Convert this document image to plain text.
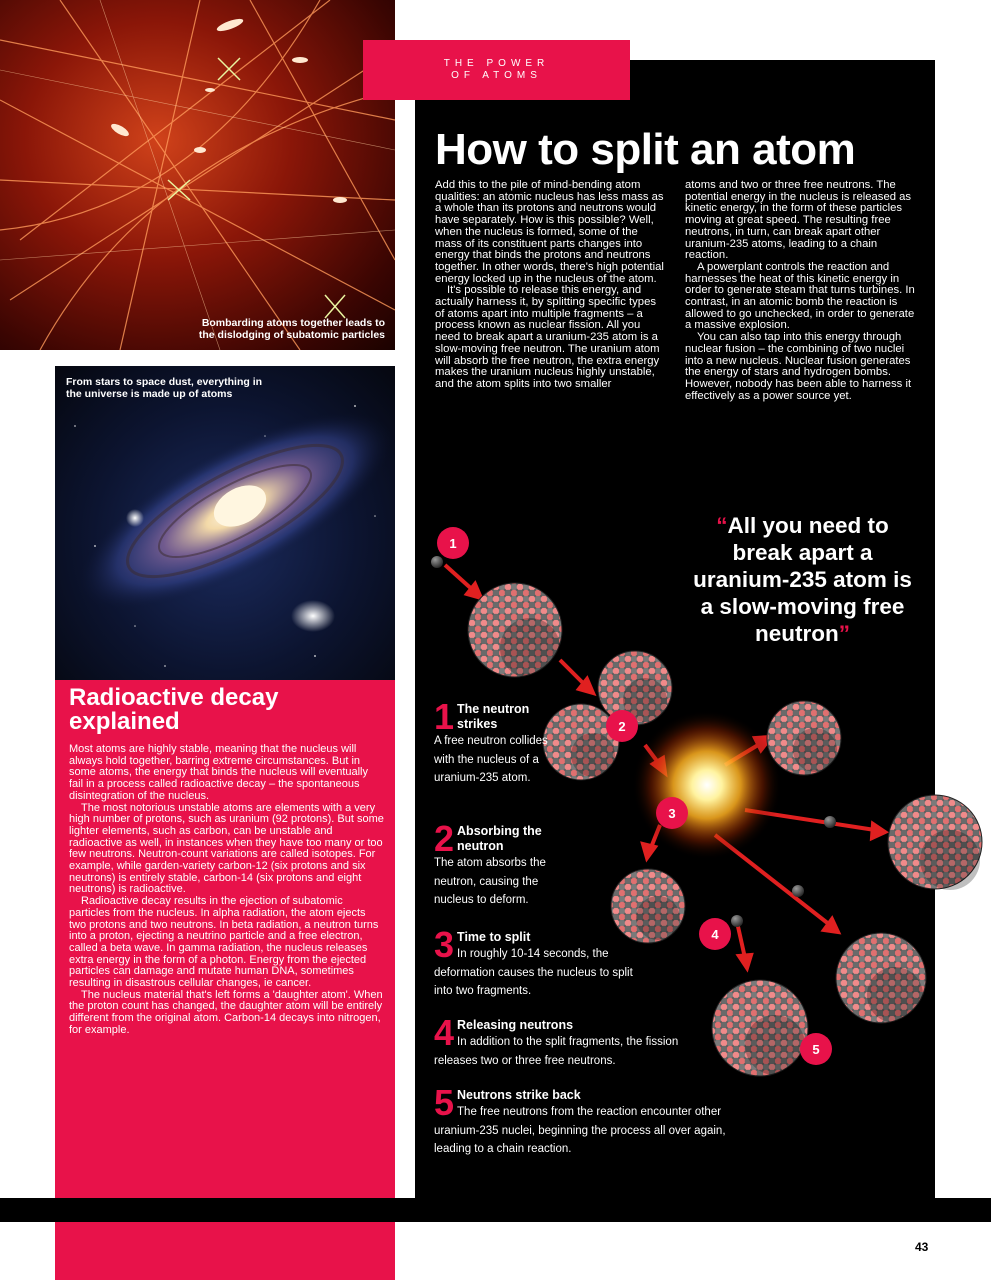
Bombarding atoms together leads to the dislodging of subatomic particles
From stars to space dust, everything in the universe is made up of atoms
Radioactive decay explained

Most atoms are highly stable, meaning that the nucleus will always hold together, barring extreme circumstances. But in some atoms, the energy that binds the nucleus will eventually fail in a process called radioactive decay – the spontaneous disintegration of the nucleus.

The most notorious unstable atoms are elements with a very high number of protons, such as uranium (92 protons). But some lighter elements, such as carbon, can be unstable and radioactive as well, in instances when they have too many or too few neutrons. Neutron-count variations are called isotopes. For example, while garden-variety carbon-12 (six protons and six neutrons) is entirely stable, carbon-14 (six protons and eight neutrons) is radioactive.

Radioactive decay results in the ejection of subatomic particles from the nucleus. In alpha radiation, the atom ejects two protons and two neutrons. In beta radiation, a neutron turns into a proton, ejecting a neutrino particle and a free electron, called a beta wave. In gamma radiation, the nucleus releases extra energy in the form of a photon. Energy from the ejected particles can damage and mutate human DNA, sometimes resulting in disastrous cellular changes, ie cancer.

The nucleus material that's left forms a 'daughter atom'. When the proton count has changed, the daughter atom will be entirely different from the original atom. Carbon-14 decays into nitrogen, for example.

THE POWER
OF ATOMS
How to split an atom

Add this to the pile of mind-bending atom qualities: an atomic nucleus has less mass as a whole than its protons and neutrons would have separately. How is this possible? Well, when the nucleus is formed, some of the mass of its constituent parts changes into energy that binds the protons and neutrons together. In other words, there's high potential energy locked up in the nucleus of the atom.

It's possible to release this energy, and actually harness it, by splitting specific types of atoms apart into multiple fragments – a process known as nuclear fission. All you need to break apart a uranium-235 atom is a slow-moving free neutron. The uranium atom will absorb the free neutron, the extra energy makes the uranium nucleus highly unstable, and the atom splits into two smaller

atoms and two or three free neutrons. The potential energy in the nucleus is released as kinetic energy, in the form of these particles moving at great speed. The resulting free neutrons, in turn, can break apart other uranium-235 atoms, leading to a chain reaction.

A powerplant controls the reaction and harnesses the heat of this kinetic energy in order to generate steam that turns turbines. In contrast, in an atomic bomb the reaction is allowed to go unchecked, in order to generate a massive explosion.

You can also tap into this energy through nuclear fusion – the combining of two nuclei into a new nucleus. Nuclear fusion generates the energy of stars and hydrogen bombs. However, nobody has been able to harness it effectively as a power source yet.

“All you need to break apart a uranium-235 atom is a slow-moving free neutron”
1
2
3
4
5
1 The neutron strikes
A free neutron collides with the nucleus of a uranium-235 atom.
2 Absorbing the neutron
The atom absorbs the neutron, causing the nucleus to deform.
3 Time to split
In roughly 10-14 seconds, the deformation causes the nucleus to split into two fragments.
4 Releasing neutrons
In addition to the split fragments, the fission releases two or three free neutrons.
5 Neutrons strike back
The free neutrons from the reaction encounter other uranium-235 nuclei, beginning the process all over again, leading to a chain reaction.
43
